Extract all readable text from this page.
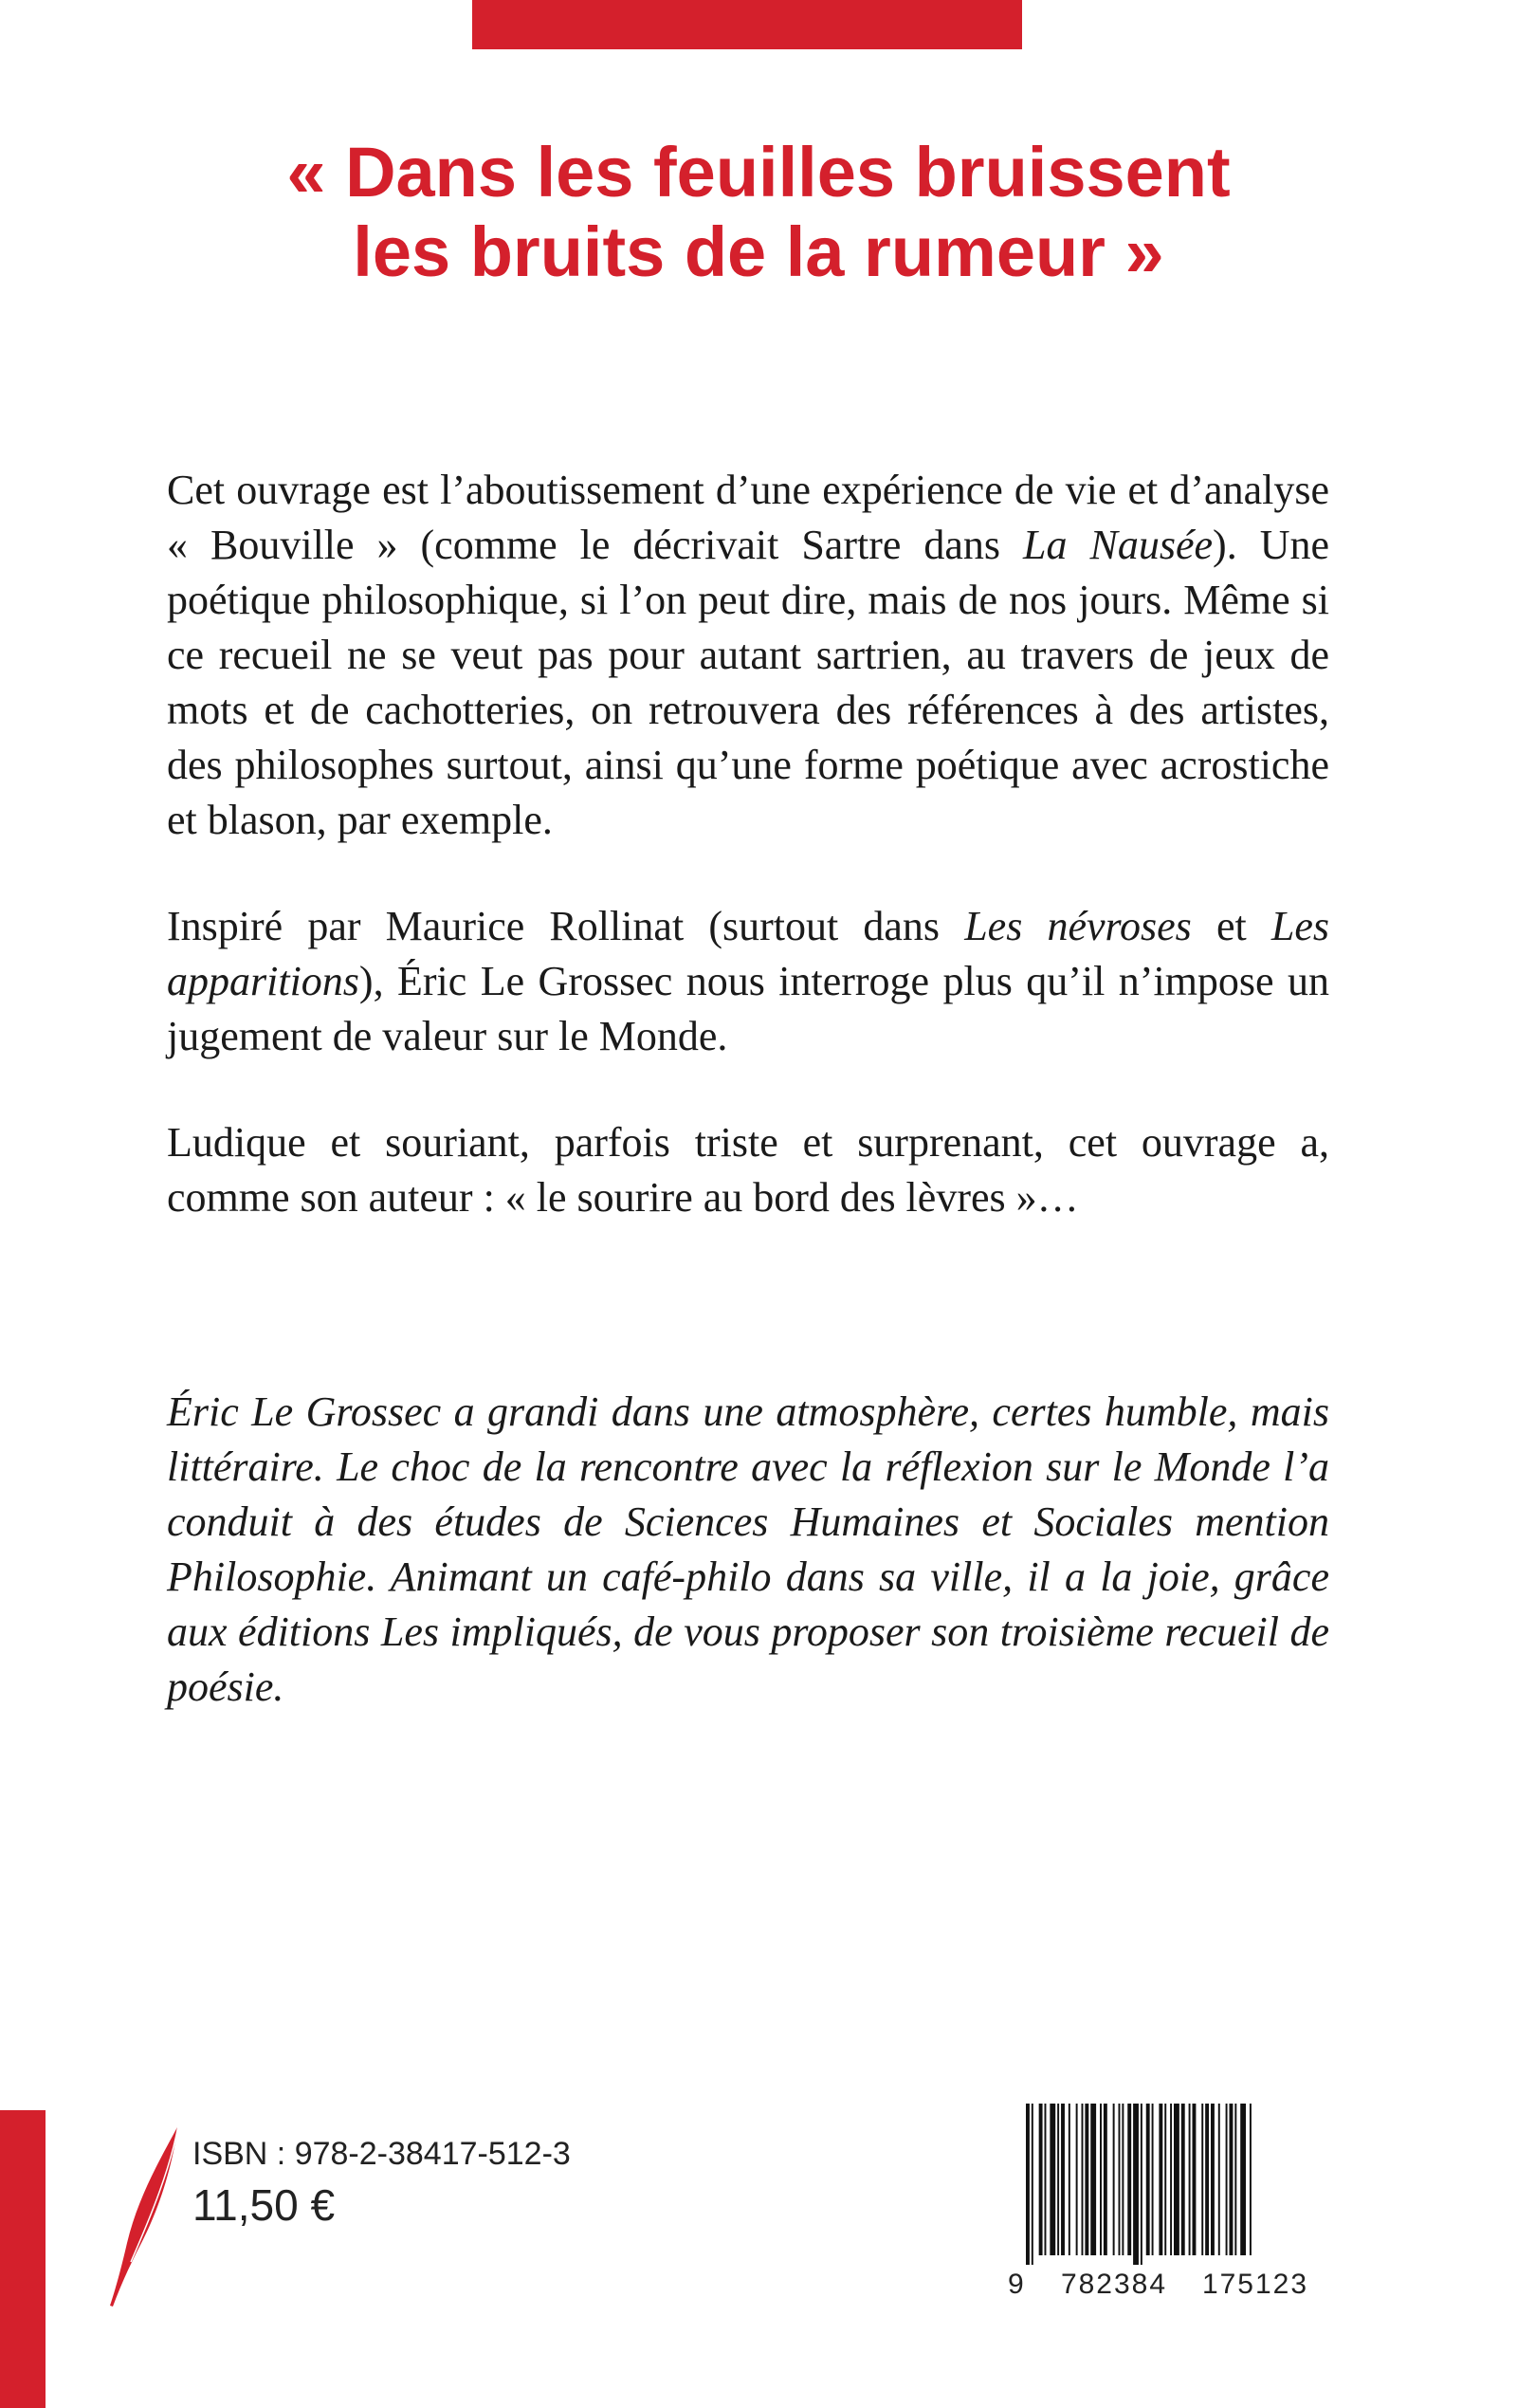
« Dans les feuilles bruissent
les bruits de la rumeur »

Cet ouvrage est l’aboutissement d’une expérience de vie et d’analyse « Bouville » (comme le décrivait Sartre dans La Nausée). Une poétique philosophique, si l’on peut dire, mais de nos jours. Même si ce recueil ne se veut pas pour autant sartrien, au travers de jeux de mots et de cachotteries, on retrouvera des références à des artistes, des philosophes surtout, ainsi qu’une forme poétique avec acrostiche et blason, par exemple.

Inspiré par Maurice Rollinat (surtout dans Les névroses et Les apparitions), Éric Le Grossec nous interroge plus qu’il n’impose un jugement de valeur sur le Monde.

Ludique et souriant, parfois triste et surprenant, cet ouvrage a, comme son auteur : « le sourire au bord des lèvres »…

Éric Le Grossec a grandi dans une atmosphère, certes humble, mais littéraire. Le choc de la rencontre avec la réflexion sur le Monde l’a conduit à des études de Sciences Humaines et Sociales mention Philosophie. Animant un café-philo dans sa ville, il a la joie, grâce aux éditions Les impliqués, de vous proposer son troisième recueil de poésie.

ISBN : 978-2-38417-512-3
11,50 €
9	782384	175123
